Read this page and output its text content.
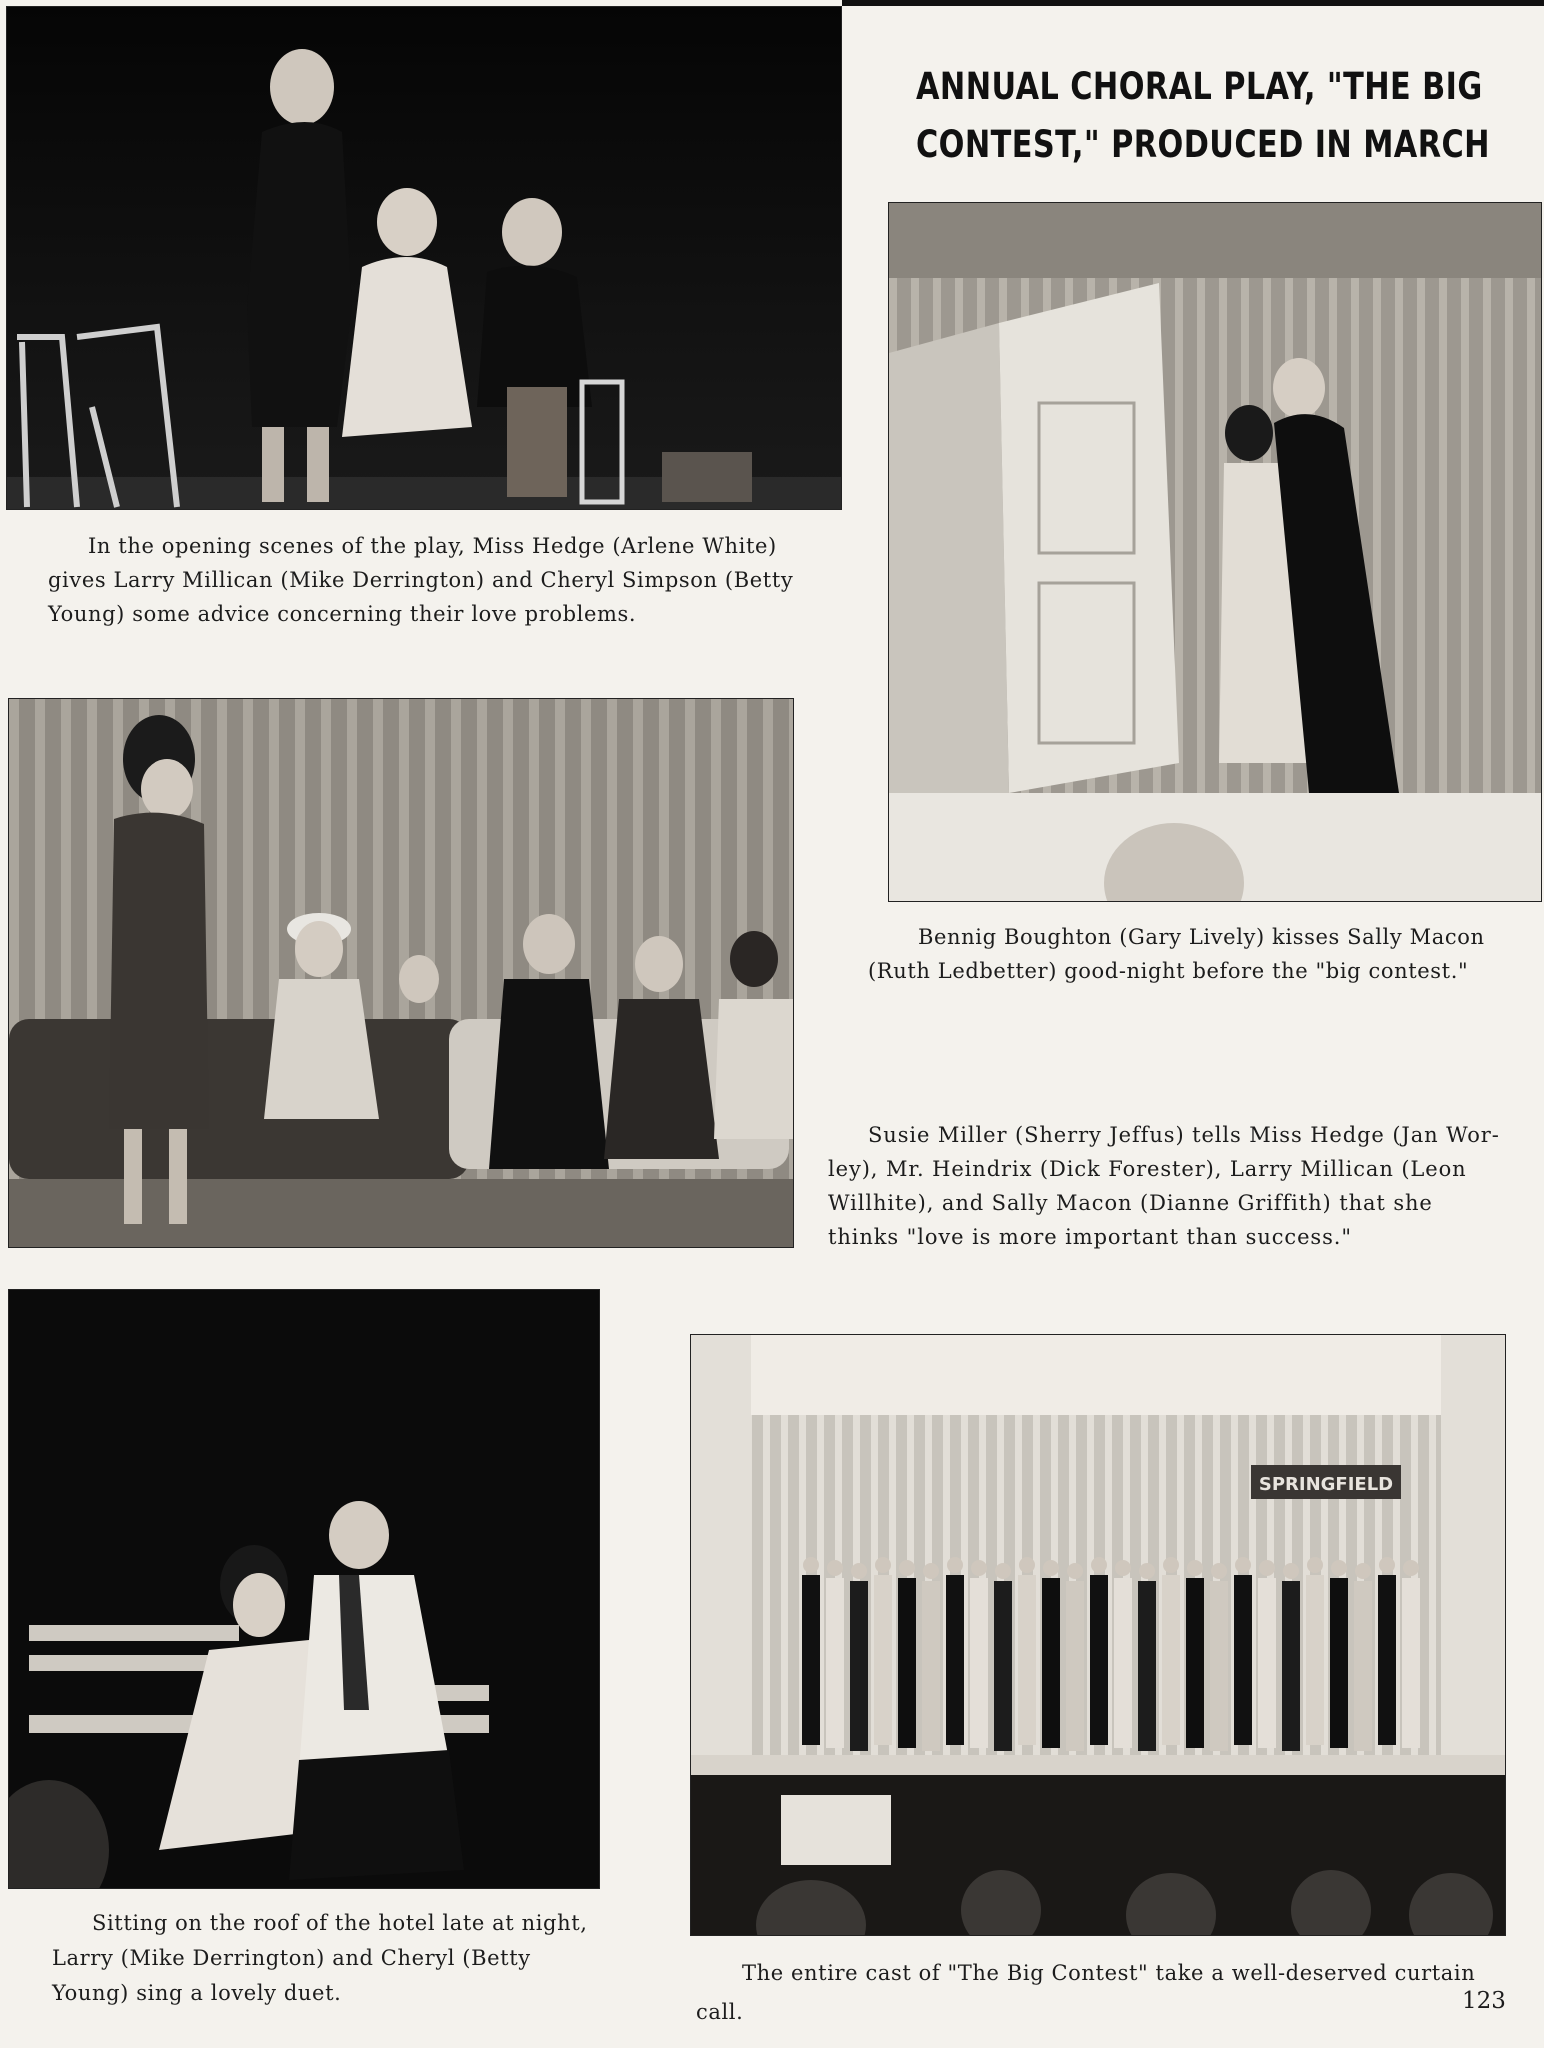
In the opening scenes of the play, Miss Hedge (Arlene White)
gives Larry Millican (Mike Derrington) and Cheryl Simpson (Betty
Young) some advice concerning their love problems.

ANNUAL CHORAL PLAY, "THE BIG
CONTEST," PRODUCED IN MARCH

Bennig Boughton (Gary Lively) kisses Sally Macon
(Ruth Ledbetter) good-night before the "big contest."

Susie Miller (Sherry Jeffus) tells Miss Hedge (Jan Wor-
ley), Mr. Heindrix (Dick Forester), Larry Millican (Leon
Willhite), and Sally Macon (Dianne Griffith) that she
thinks "love is more important than success."

Sitting on the roof of the hotel late at night,
Larry (Mike Derrington) and Cheryl (Betty
Young) sing a lovely duet.

SPRINGFIELD

The entire cast of "The Big Contest" take a well-deserved curtain
call.	123
